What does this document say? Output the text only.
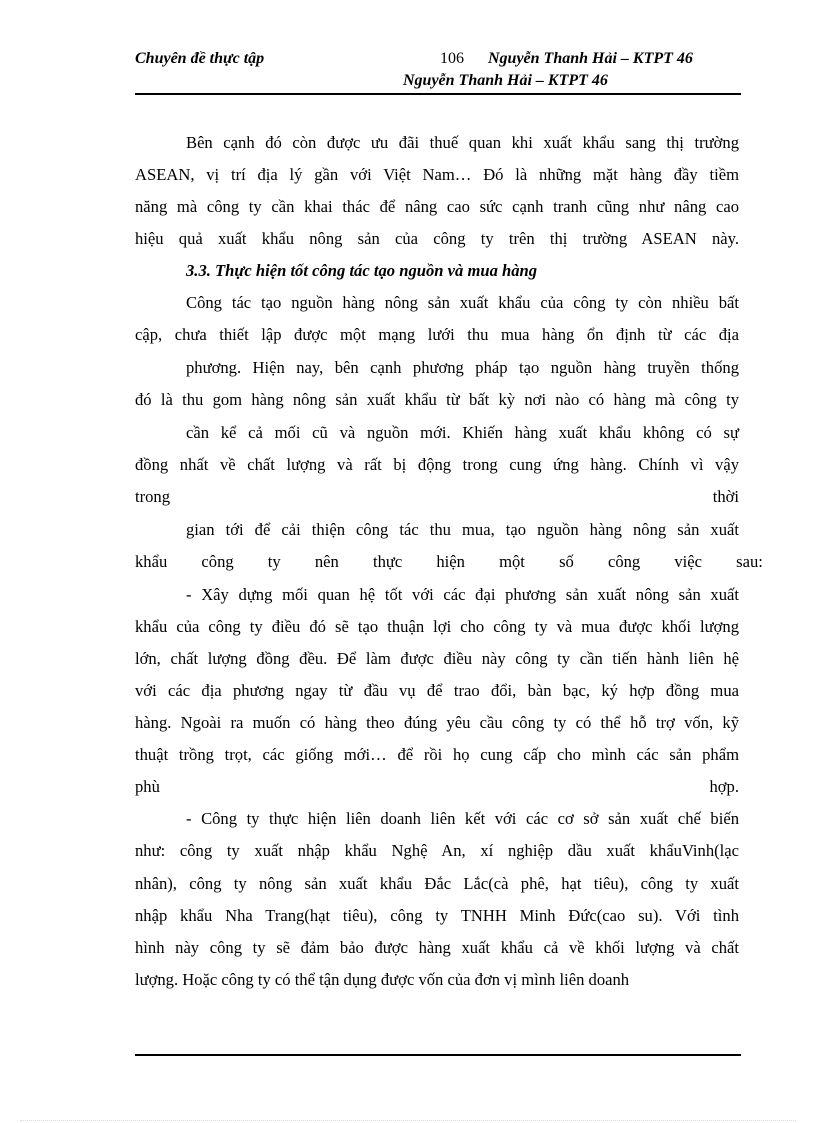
Chuyên đề thực tập	106 Nguyễn Thanh Hải – KTPT 46
Nguyễn Thanh Hải – KTPT 46
Bên cạnh đó còn được ưu đãi thuế quan khi xuất khẩu sang thị trường
ASEAN, vị trí địa lý gần với Việt Nam… Đó là những mặt hàng đầy tiềm
năng mà công ty cần khai thác để nâng cao sức cạnh tranh cũng như nâng cao
hiệu quả xuất khẩu nông sản của công ty trên thị trường ASEAN này.
3.3. Thực hiện tốt công tác tạo nguồn và mua hàng
Công tác tạo nguồn hàng nông sản xuất khẩu của công ty còn nhiều bất
cập, chưa thiết lập được một mạng lưới thu mua hàng ổn định từ các địa
phương. Hiện nay, bên cạnh phương pháp tạo nguồn hàng truyền thống
đó là thu gom hàng nông sản xuất khẩu từ bất kỳ nơi nào có hàng mà công ty
cần kể cả mối cũ và nguồn mới. Khiến hàng xuất khẩu không có sự
đồng nhất về chất lượng và rất bị động trong cung ứng hàng. Chính vì vậy
trong	thời
gian tới để cải thiện công tác thu mua, tạo nguồn hàng nông sản xuất
khẩu công ty nên thực hiện một số công việc sau:
- Xây dựng mối quan hệ tốt với các đại phương sản xuất nông sản xuất
khẩu của công ty điều đó sẽ tạo thuận lợi cho công ty và mua được khối lượng
lớn, chất lượng đồng đều. Để làm được điều này công ty cần tiến hành liên hệ
với các địa phương ngay từ đầu vụ để trao đổi, bàn bạc, ký hợp đồng mua
hàng. Ngoài ra muốn có hàng theo đúng yêu cầu công ty có thể hỗ trợ vốn, kỹ
thuật trồng trọt, các giống mới… để rồi họ cung cấp cho mình các sản phẩm
phù	hợp.
- Công ty thực hiện liên doanh liên kết với các cơ sở sản xuất chế biến
như: công ty xuất nhập khẩu Nghệ An, xí nghiệp dầu xuất khẩuVinh(lạc
nhân), công ty nông sản xuất khẩu Đắc Lắc(cà phê, hạt tiêu), công ty xuất
nhập khẩu Nha Trang(hạt tiêu), công ty TNHH Minh Đức(cao su). Với tình
hình này công ty sẽ đảm bảo được hàng xuất khẩu cả về khối lượng và chất
lượng. Hoặc công ty có thể tận dụng được vốn của đơn vị mình liên doanh
